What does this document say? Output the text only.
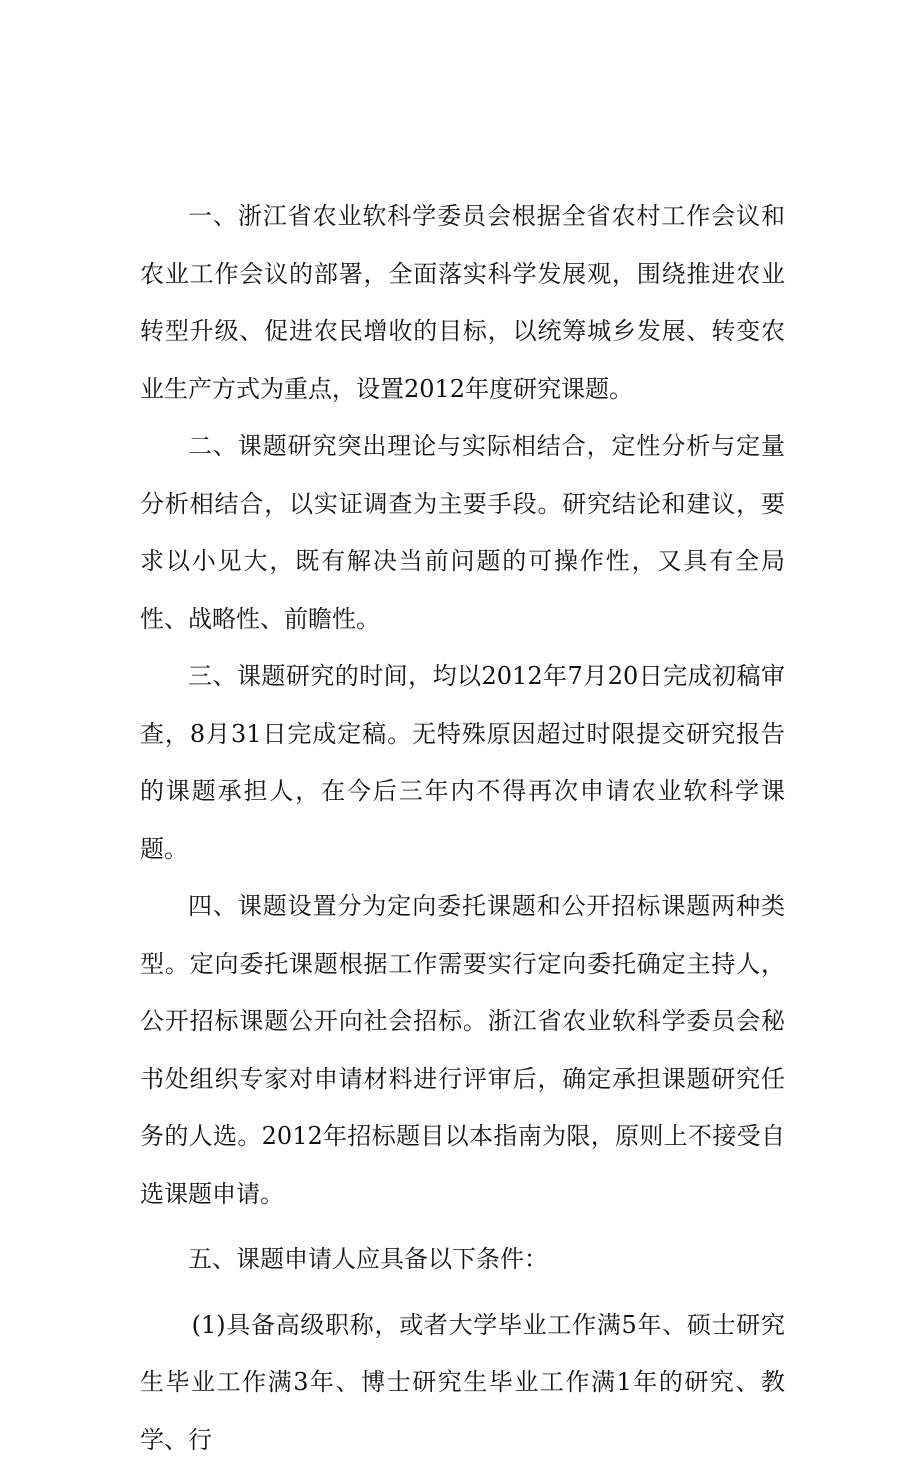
一、浙江省农业软科学委员会根据全省农村工作会议和农业工作会议的部署，全面落实科学发展观，围绕推进农业转型升级、促进农民增收的目标，以统筹城乡发展、转变农业生产方式为重点，设置2012年度研究课题。

二、课题研究突出理论与实际相结合，定性分析与定量分析相结合，以实证调查为主要手段。研究结论和建议，要求以小见大，既有解决当前问题的可操作性，又具有全局性、战略性、前瞻性。

三、课题研究的时间，均以2012年7月20日完成初稿审查，8月31日完成定稿。无特殊原因超过时限提交研究报告的课题承担人，在今后三年内不得再次申请农业软科学课题。

四、课题设置分为定向委托课题和公开招标课题两种类型。定向委托课题根据工作需要实行定向委托确定主持人，公开招标课题公开向社会招标。浙江省农业软科学委员会秘书处组织专家对申请材料进行评审后，确定承担课题研究任务的人选。2012年招标题目以本指南为限，原则上不接受自选课题申请。

五、课题申请人应具备以下条件：

(1)具备高级职称，或者大学毕业工作满5年、硕士研究生毕业工作满3年、博士研究生毕业工作满1年的研究、教学、行
